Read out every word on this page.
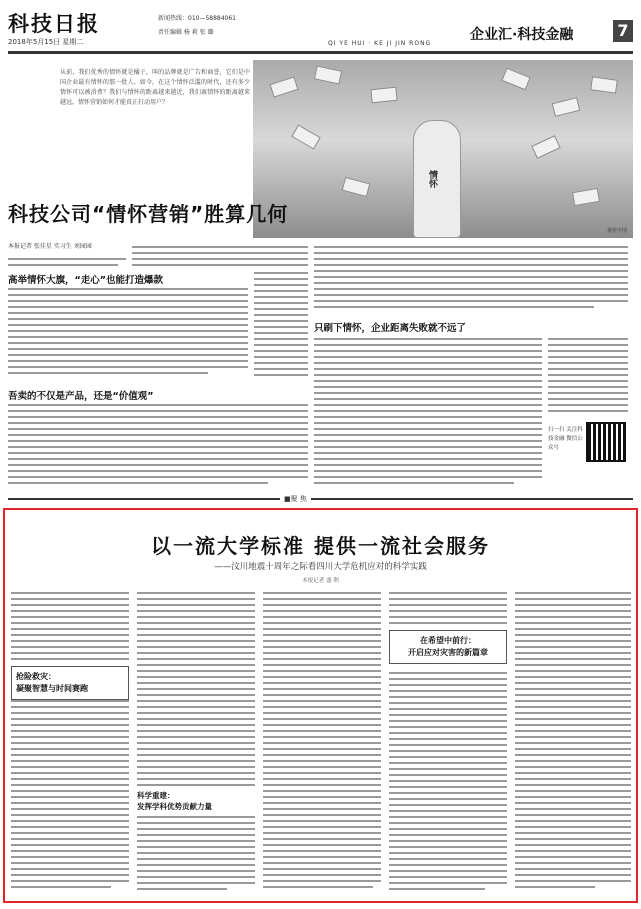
科技日报
2018年5月15日 星期二
新闻热线：010—58884061
责任编辑 杨 莉 张 璐
QI YE HUI · KE JI JIN RONG
企业汇·科技金融	7
从前，我们优秀的情怀就是橘子，叫的品牌就是广告和商誉，它们是中国企业最有情怀的那一批人。如今，在这个情怀泛滥的时代，还有多少情怀可以被消费？我们与情怀的距离越来越近，我们离情怀的距离越来越远，情怀营销如何才能真正打动用户？
情怀
视觉中国
科技公司“情怀营销”胜算几何
本报记者 张佳星 实习生 刘园园
高举情怀大旗，“走心”也能打造爆款
吾卖的不仅是产品，还是“价值观”
只刷下情怀，企业距离失败就不远了
扫一扫 关注科技金融 微信公众号
■聚 焦
以一流大学标准 提供一流社会服务
——汶川地震十周年之际看四川大学危机应对的科学实践
本报记者 盛 利
抢险救灾：
凝聚智慧与时间赛跑
科学重建：
发挥学科优势贡献力量
在希望中前行：
开启应对灾害的新篇章
